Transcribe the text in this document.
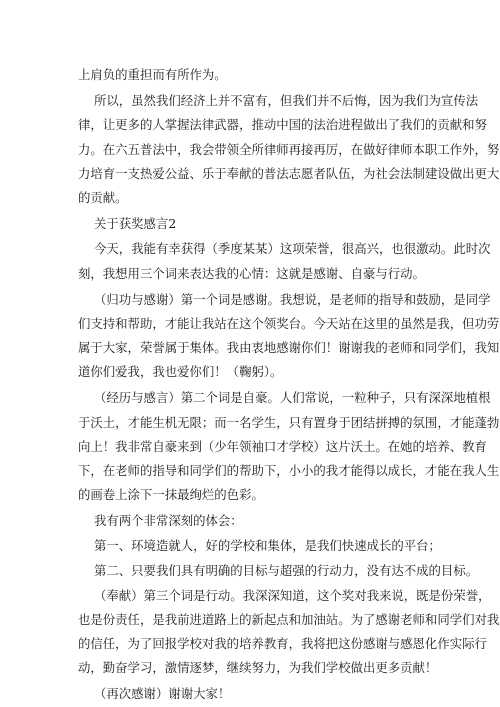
上肩负的重担而有所作为。
所以，虽然我们经济上并不富有，但我们并不后悔，因为我们为宣传法
律，让更多的人掌握法律武器，推动中国的法治进程做出了我们的贡献和努
力。在六五普法中，我会带领全所律师再接再厉，在做好律师本职工作外，努
力培育一支热爱公益、乐于奉献的普法志愿者队伍，为社会法制建设做出更大
的贡献。
关于获奖感言2
今天，我能有幸获得（季度某某）这项荣誉，很高兴，也很激动。此时次
刻，我想用三个词来表达我的心情：这就是感谢、自豪与行动。
（归功与感谢）第一个词是感谢。我想说，是老师的指导和鼓励，是同学
们支持和帮助，才能让我站在这个领奖台。今天站在这里的虽然是我，但功劳
属于大家，荣誉属于集体。我由衷地感谢你们！谢谢我的老师和同学们，我知
道你们爱我，我也爱你们！（鞠躬）。
（经历与感言）第二个词是自豪。人们常说，一粒种子，只有深深地植根
于沃土，才能生机无限；而一名学生，只有置身于团结拼搏的氛围，才能蓬勃
向上！我非常自豪来到（少年领袖口才学校）这片沃土。在她的培养、教育
下，在老师的指导和同学们的帮助下，小小的我才能得以成长，才能在我人生
的画卷上涂下一抹最绚烂的色彩。
我有两个非常深刻的体会：
第一、环境造就人，好的学校和集体，是我们快速成长的平台；
第二、只要我们具有明确的目标与超强的行动力，没有达不成的目标。
（奉献）第三个词是行动。我深深知道，这个奖对我来说，既是份荣誉，
也是份责任，是我前进道路上的新起点和加油站。为了感谢老师和同学们对我
的信任，为了回报学校对我的培养教育，我将把这份感谢与感恩化作实际行
动，勤奋学习，激情逐梦，继续努力，为我们学校做出更多贡献！
（再次感谢）谢谢大家！
